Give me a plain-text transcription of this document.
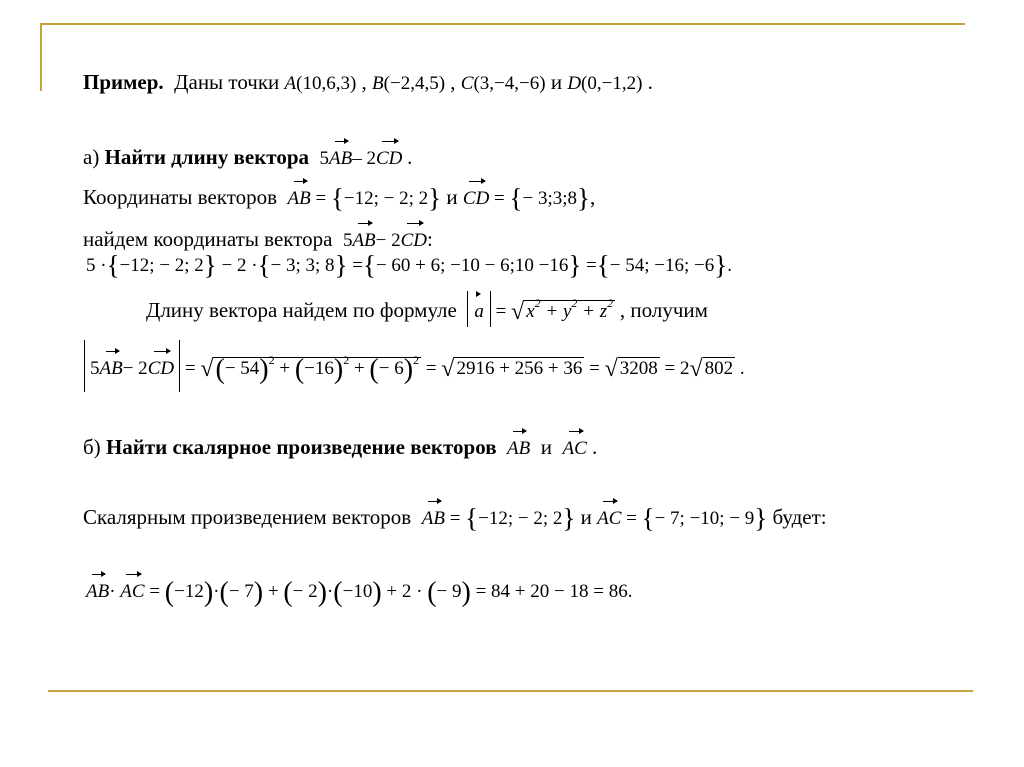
Пример. Даны точки A(10,6,3) , B(−2,4,5) , C(3,−4,−6) и D(0,−1,2) .
а) Найти длину вектора 5AB– 2CD .
Координаты векторов AB = {−12; − 2; 2} и CD = {− 3;3;8},
найдем координаты вектора 5AB− 2CD:
5 ·{−12; − 2; 2} − 2 ·{− 3; 3; 8} ={− 60 + 6; −10 − 6;10 −16} ={− 54; −16; −6}.
Длину вектора найдем по формуле a = √ $x^2 + y^2 + z^2$ , получим
5AB− 2CD = √(− $54)^2 + (-16)^2$ + (− 6)$^2$ = √ 2916 + 256 + 36 = √ 3208 = 2√ 802 .
б) Найти скалярное произведение векторов AB и AC .
Скалярным произведением векторов AB = {−12; − 2; 2} и AC = {− 7; −10; − 9} будет:
AB· AC = (−12)·(− 7) + (− 2)·(−10) + 2 · (− 9) = 84 + 20 − 18 = 86.
